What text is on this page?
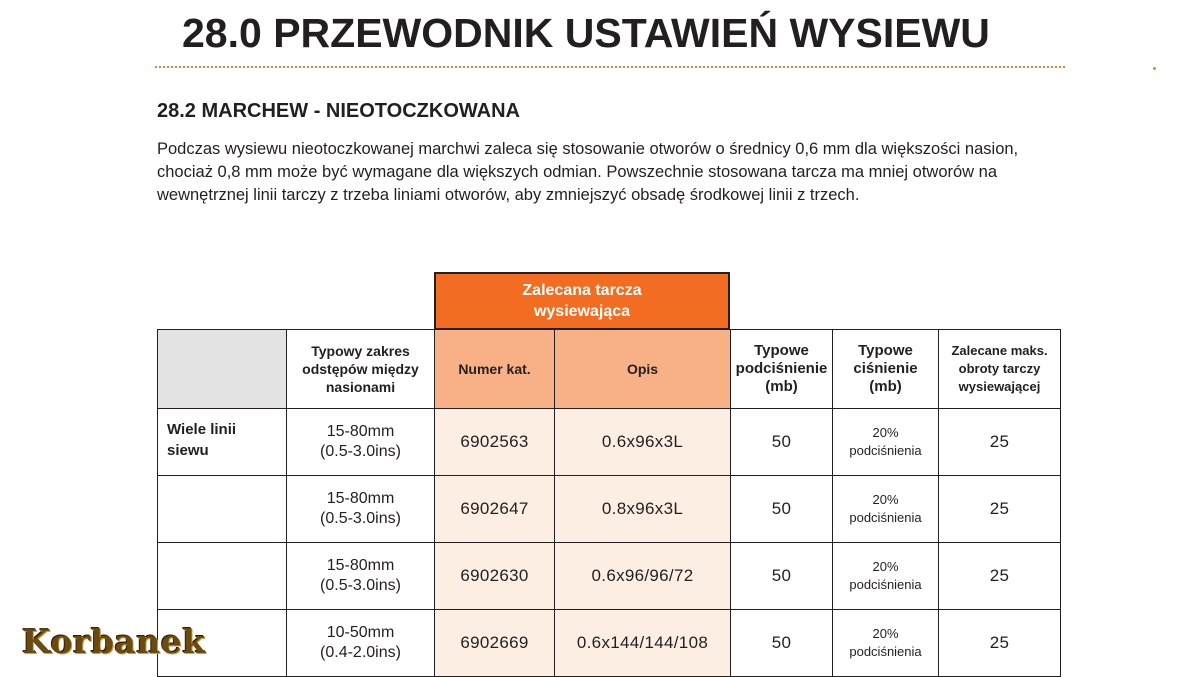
28.0 PRZEWODNIK USTAWIEŃ WYSIEWU
28.2 MARCHEW - NIEOTOCZKOWANA

Podczas wysiewu nieotoczkowanej marchwi zaleca się stosowanie otworów o średnicy 0,6 mm dla większości nasion,
chociaż 0,8 mm może być wymagane dla większych odmian. Powszechnie stosowana tarcza ma mniej otworów na
wewnętrznej linii tarczy z trzeba liniami otworów, aby zmniejszyć obsadę środkowej linii z trzech.

Zalecana tarcza wysiewająca

	Typowy zakres odstępów między nasionami	Numer kat.	Opis	Typowe podciśnienie (mb)	Typowe ciśnienie (mb)	Zalecane maks. obroty tarczy wysiewającej

Wiele linii siewu	15-80mm
(0.5-3.0ins)	6902563	0.6x96x3L	50	20% podciśnienia	25

	15-80mm
(0.5-3.0ins)	6902647	0.8x96x3L	50	20% podciśnienia	25

	15-80mm
(0.5-3.0ins)	6902630	0.6x96/96/72	50	20% podciśnienia	25

	10-50mm
(0.4-2.0ins)	6902669	0.6x144/144/108	50	20% podciśnienia	25
Korbanek
